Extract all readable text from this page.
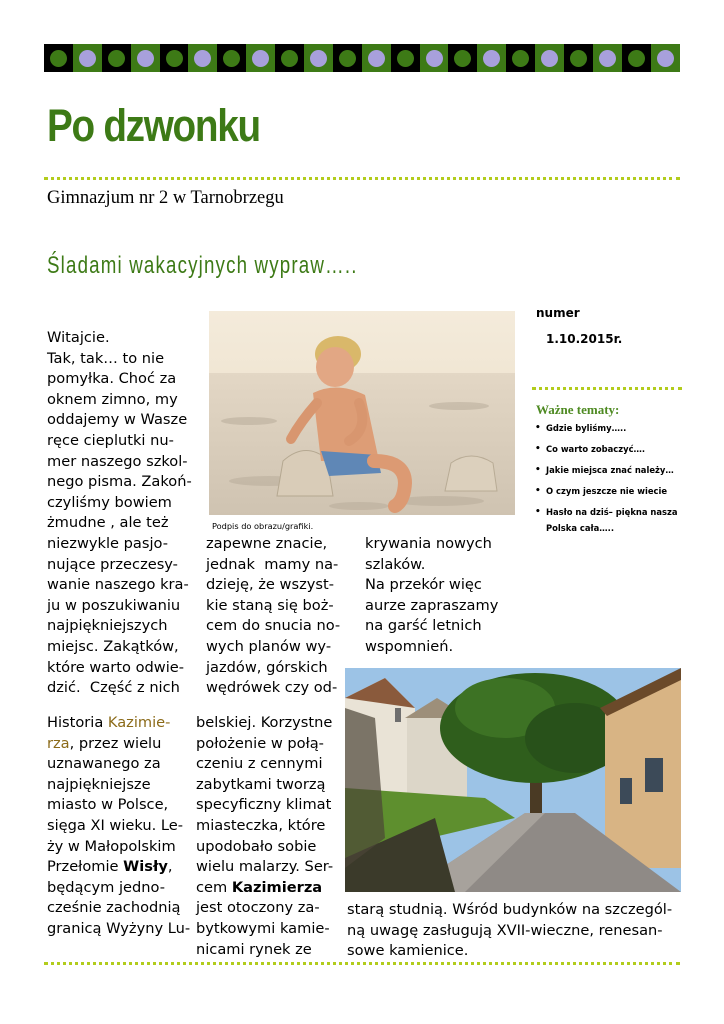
Po dzwonku
Gimnazjum nr 2 w Tarnobrzegu
Śladami wakacyjnych wypraw…..
Podpis do obrazu/grafiki.
numer
1.10.2015r.
Ważne tematy:
• Gdzie byliśmy…..
• Co warto zobaczyć….
• Jakie miejsca znać należy…
• O czym jeszcze nie wiecie
• Hasło na dziś– piękna nasza
Polska cała…..
Witajcie.
Tak, tak… to nie
pomyłka. Choć za
oknem zimno, my
oddajemy w Wasze
ręce cieplutki nu-
mer naszego szkol-
nego pisma. Zakoń-
czyliśmy bowiem
żmudne , ale też
niezwykle pasjo-
nujące przeczesy-
wanie naszego kra-
ju w poszukiwaniu
najpiękniejszych
miejsc. Zakątków,
które warto odwie-
dzić.  Część z nich
zapewne znacie,
jednak  mamy na-
dzieję, że wszyst-
kie staną się boż-
cem do snucia no-
wych planów wy-
jazdów, górskich
wędrówek czy od-
krywania nowych
szlaków.
Na przekór więc
aurze zapraszamy
na garść letnich
wspomnień.
Historia Kazimie-
rza, przez wielu
uznawanego za
najpiękniejsze
miasto w Polsce,
sięga XI wieku. Le-
ży w Małopolskim
Przełomie Wisły,
będącym jedno-
cześnie zachodnią
granicą Wyżyny Lu-
belskiej. Korzystne
położenie w połą-
czeniu z cennymi
zabytkami tworzą
specyficzny klimat
miasteczka, które
upodobało sobie
wielu malarzy. Ser-
cem Kazimierza
jest otoczony za-
bytkowymi kamie-
nicami rynek ze
starą studnią. Wśród budynków na szczegól-
ną uwagę zasługują XVII-wieczne, renesan-
sowe kamienice.
